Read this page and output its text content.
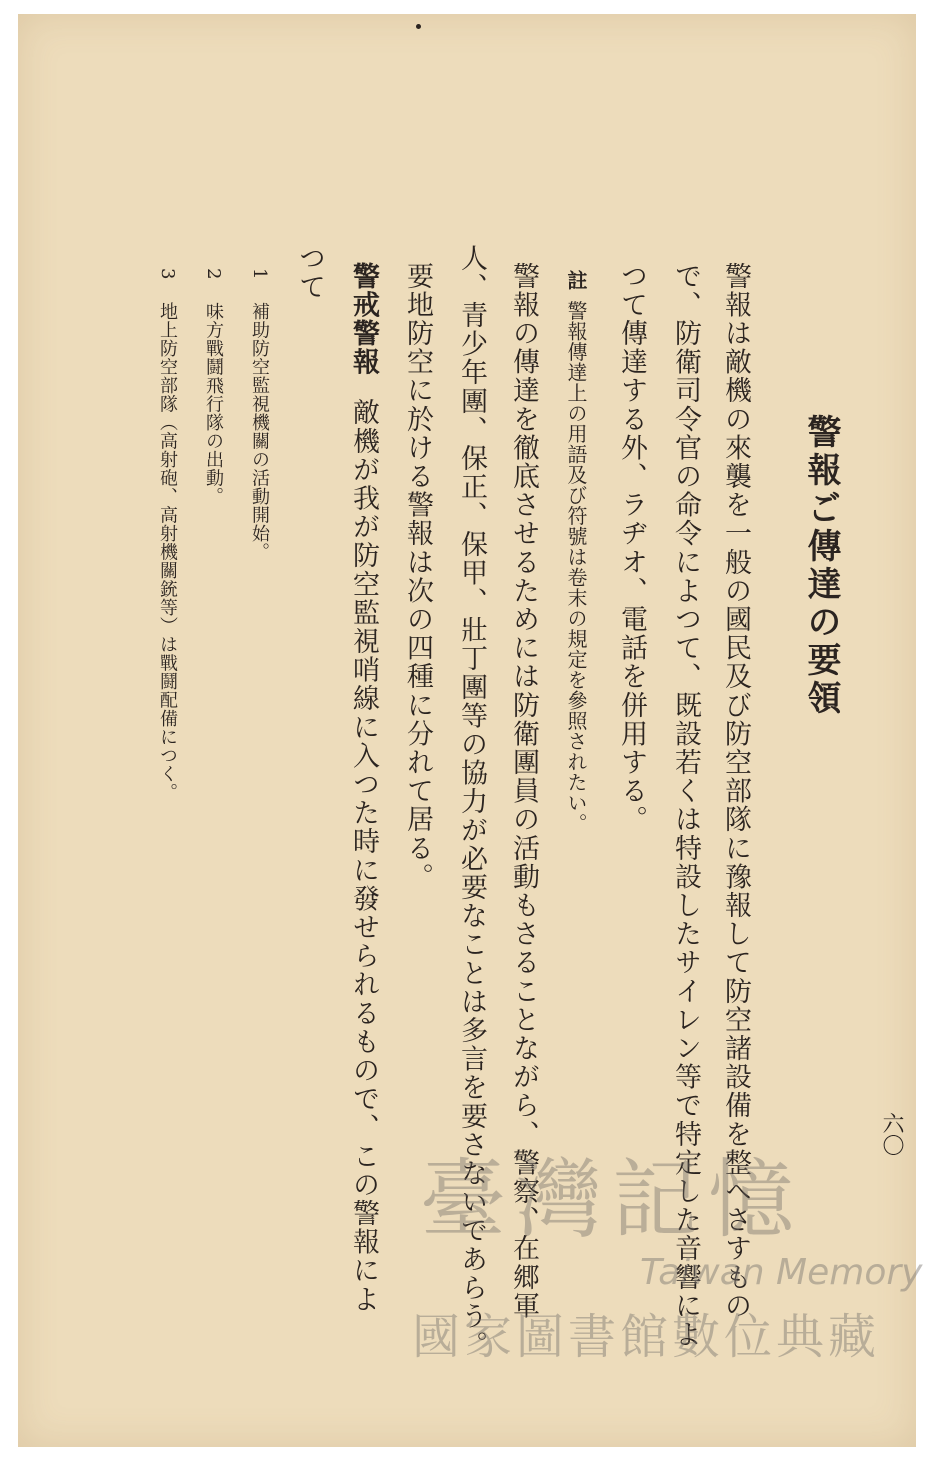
警報ご傳達の要領
警報は敵機の來襲を一般の國民及び防空部隊に豫報して防空諸設備を整へさすもの
で、防衛司令官の命令によつて、既設若くは特設したサイレン等で特定した音響によ
つて傳達する外、ラヂオ、電話を併用する。
註警報傳達上の用語及び符號は卷末の規定を參照されたい。
警報の傳達を徹底させるためには防衛團員の活動もさることながら、警察、在郷軍
人、青少年團、保正、保甲、壯丁團等の協力が必要なことは多言を要さないであらう。
要地防空に於ける警報は次の四種に分れて居る。
警戒警報敵機が我が防空監視哨線に入つた時に發せられるもので、この警報によ
つて
1補助防空監視機關の活動開始。
2味方戰鬪飛行隊の出動。
3地上防空部隊（高射砲、高射機關銃等）は戰鬪配備につく。
六〇
臺灣記憶
Taiwan Memory
國家圖書館數位典藏
